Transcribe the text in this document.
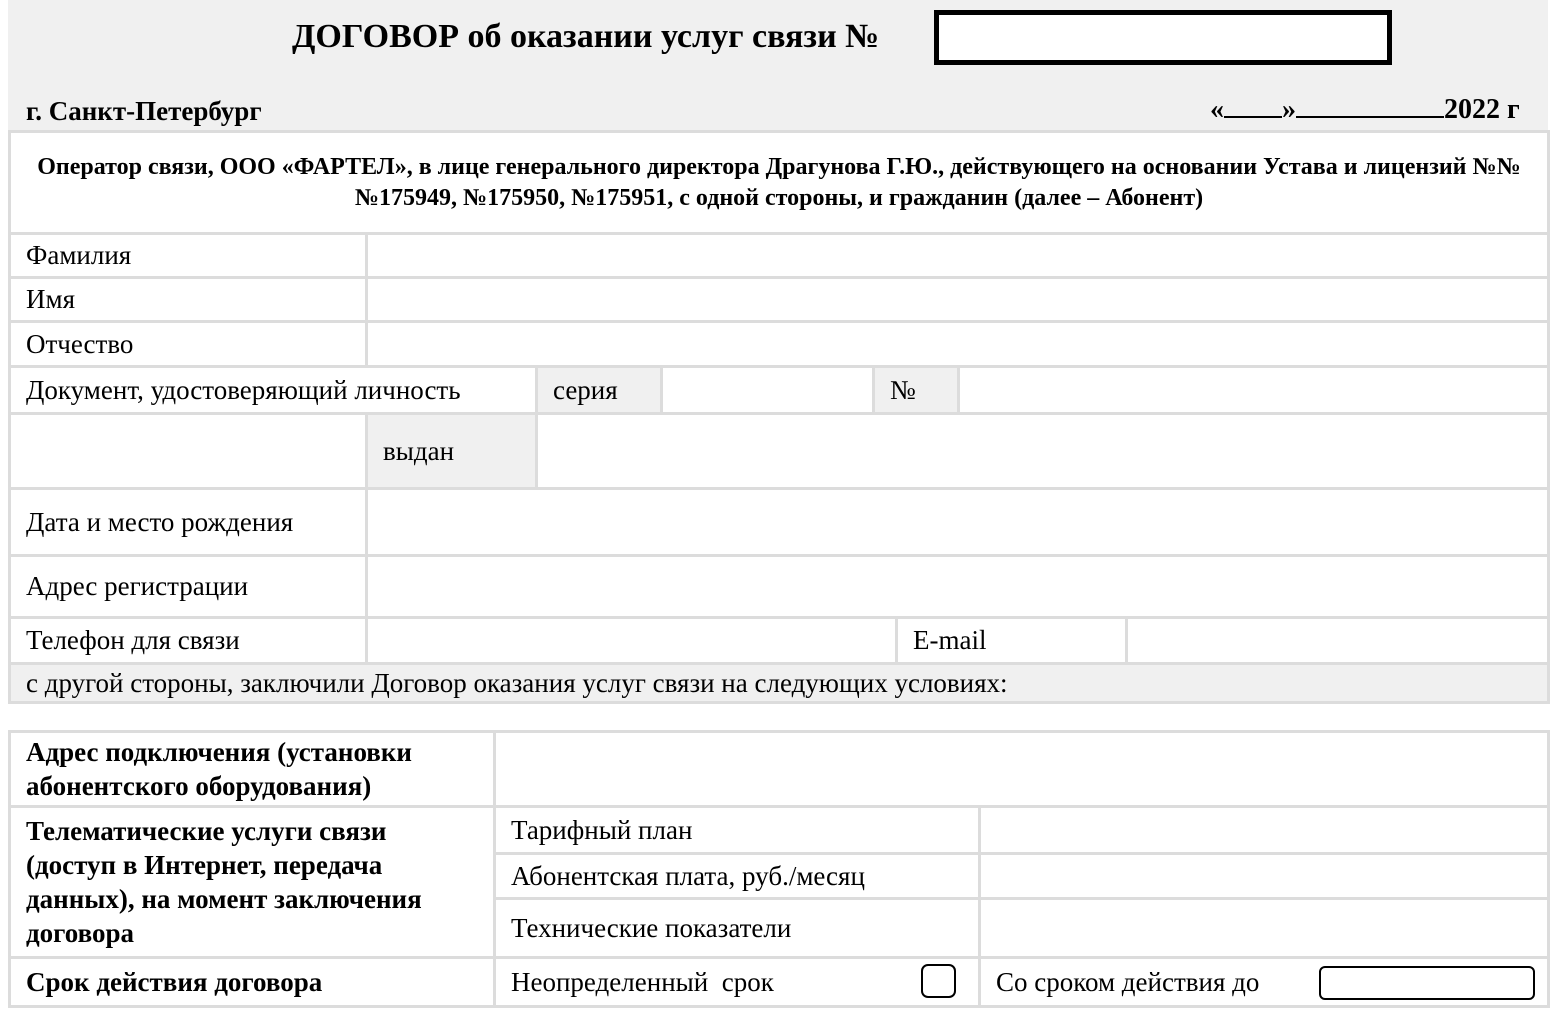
ДОГОВОР об оказании услуг связи №
г. Санкт-Петербург	« »	2022 г
Оператор связи, ООО «ФАРТЕЛ», в лице генерального директора Драгунова Г.Ю., действующего на основании Устава и лицензий №№ №175949, №175950, №175951, с одной стороны, и гражданин (далее – Абонент)
Фамилия
Имя
Отчество
Документ, удостоверяющий личность	серия	№
выдан
Дата и место рождения
Адрес регистрации
Телефон для связи	E-mail
с другой стороны, заключили Договор оказания услуг связи на следующих условиях:
Адрес подключения (установки абонентского оборудования)
Телематические услуги связи (доступ в Интернет, передача данных), на момент заключения договора
Тарифный план
Абонентская плата, руб./месяц
Технические показатели
Срок действия договора	Неопределенный  срок	Со сроком действия до
